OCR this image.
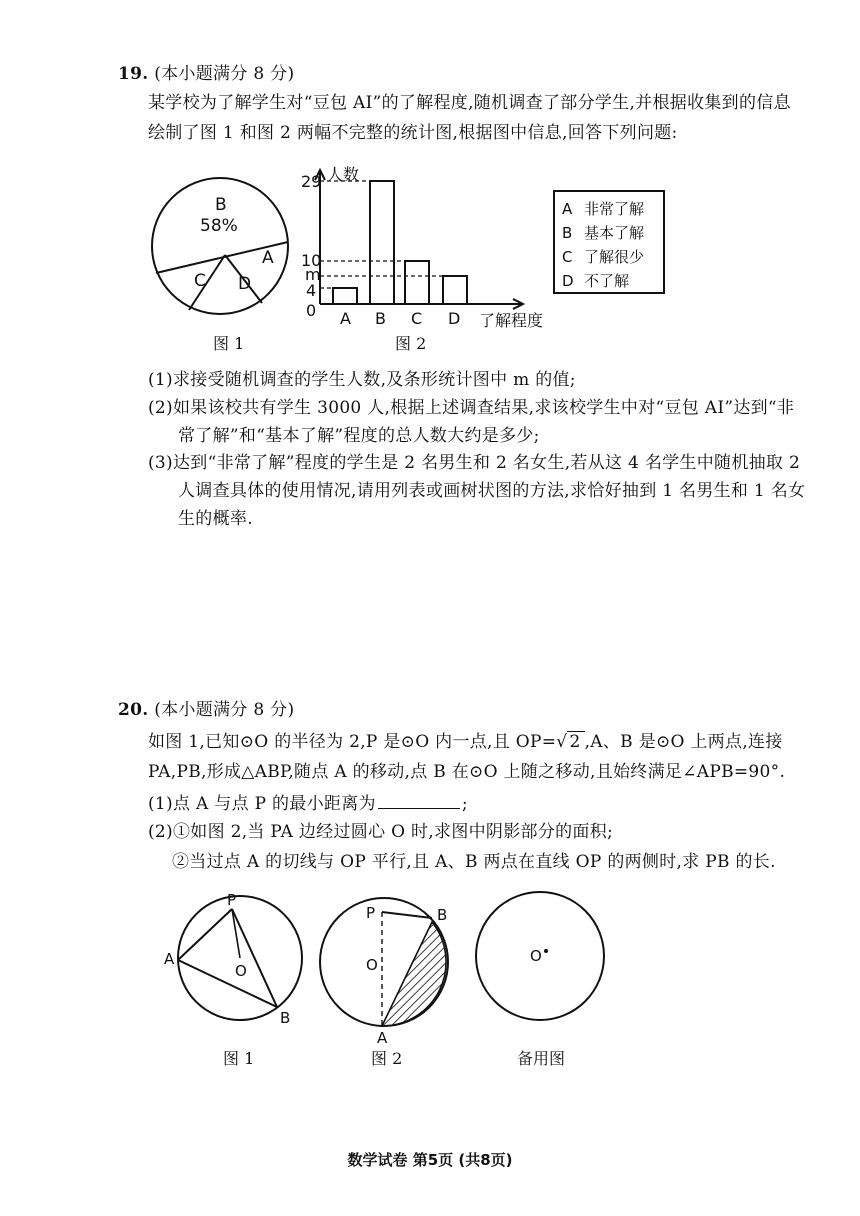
19. (本小题满分 8 分)
某学校为了解学生对“豆包 AI”的了解程度,随机调查了部分学生,并根据收集到的信息
绘制了图 1 和图 2 两幅不完整的统计图,根据图中信息,回答下列问题:
B
58%
A
C D
图 1
人数
29
10
m
4
0 A B C D 了解程度
图 2
A 非常了解
B 基本了解
C 了解很少
D 不了解
(1)求接受随机调查的学生人数,及条形统计图中 m 的值;
(2)如果该校共有学生 3000 人,根据上述调查结果,求该校学生中对“豆包 AI”达到“非
常了解”和“基本了解”程度的总人数大约是多少;
(3)达到“非常了解”程度的学生是 2 名男生和 2 名女生,若从这 4 名学生中随机抽取 2
人调查具体的使用情况,请用列表或画树状图的方法,求恰好抽到 1 名男生和 1 名女
生的概率.
20. (本小题满分 8 分)
如图 1,已知⊙O 的半径为 2,P 是⊙O 内一点,且 OP=√ 2 ,A、B 是⊙O 上两点,连接
PA,PB,形成△ABP,随点 A 的移动,点 B 在⊙O 上随之移动,且始终满足∠APB=90°.
(1)点 A 与点 P 的最小距离为	;
(2)①如图 2,当 PA 边经过圆心 O 时,求图中阴影部分的面积;
②当过点 A 的切线与 OP 平行,且 A、B 两点在直线 OP 的两侧时,求 PB 的长.
P
A
O
B
图 1
P
O
B
A
图 2
O
备用图
数学试卷 第5页 (共8页)
